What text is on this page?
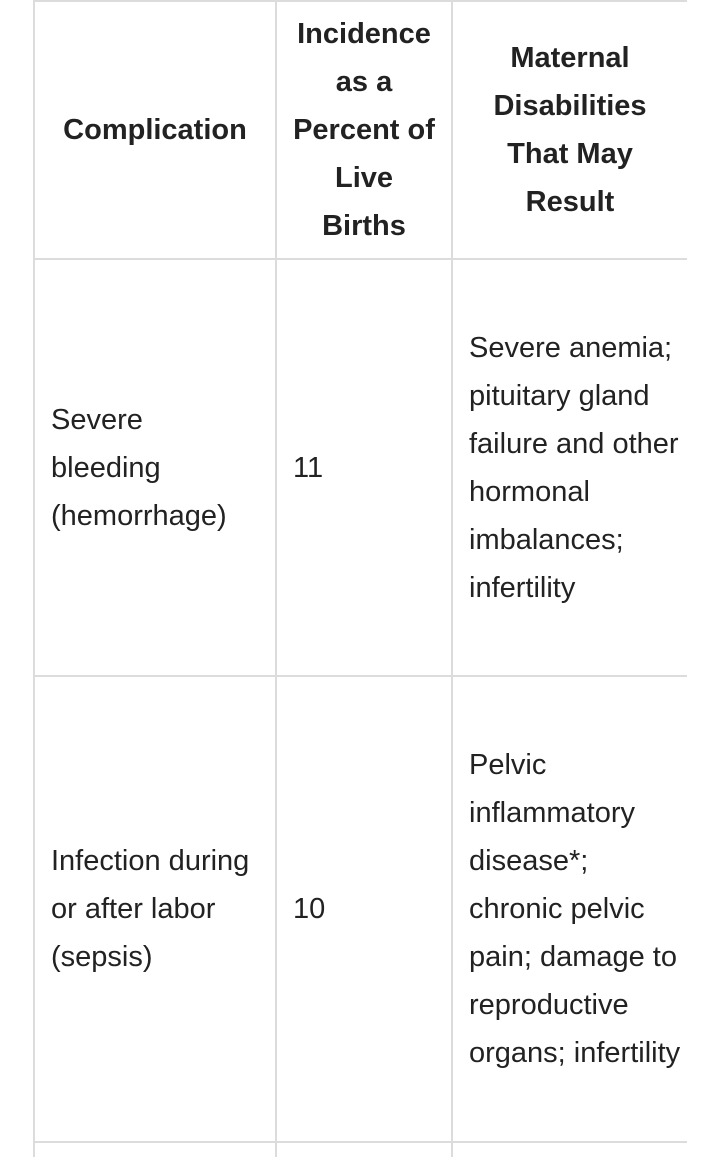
Complication	Incidence as a Percent of Live Births	Maternal Disabilities That May Result
Severe bleeding (hemorrhage)	11	Severe anemia; pituitary gland failure and other hormonal imbalances; infertility
Infection during or after labor (sepsis)	10	Pelvic inflammatory disease*; chronic pelvic pain; damage to reproductive organs; infertility
